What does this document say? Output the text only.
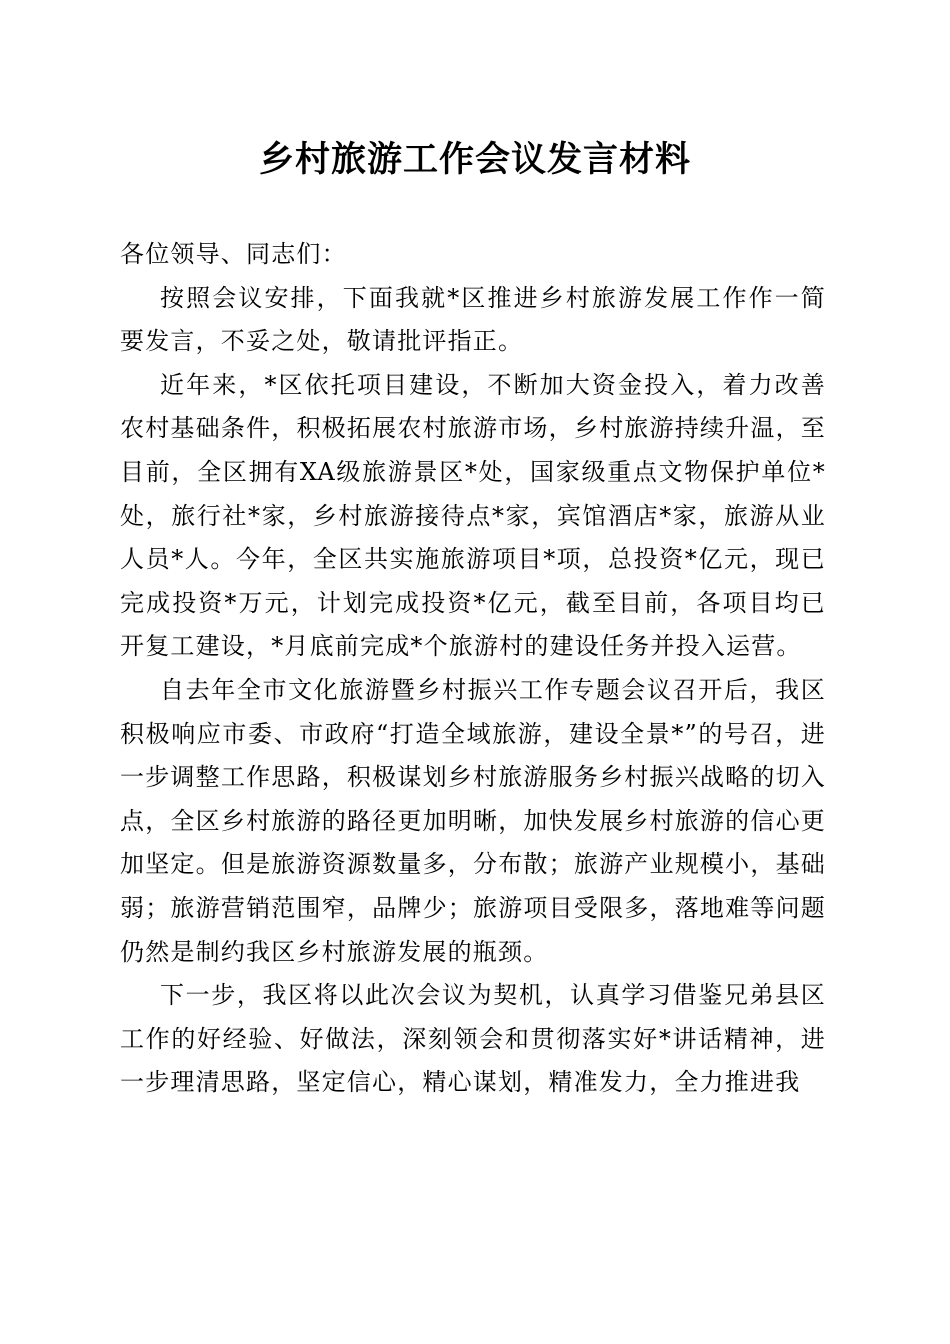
乡村旅游工作会议发言材料

各位领导、同志们：

按照会议安排，下面我就*区推进乡村旅游发展工作作一简要发言，不妥之处，敬请批评指正。

近年来，*区依托项目建设，不断加大资金投入，着力改善农村基础条件，积极拓展农村旅游市场，乡村旅游持续升温，至目前，全区拥有XA级旅游景区*处，国家级重点文物保护单位*处，旅行社*家，乡村旅游接待点*家，宾馆酒店*家，旅游从业人员*人。今年，全区共实施旅游项目*项，总投资*亿元，现已完成投资*万元，计划完成投资*亿元，截至目前，各项目均已开复工建设，*月底前完成*个旅游村的建设任务并投入运营。

自去年全市文化旅游暨乡村振兴工作专题会议召开后，我区积极响应市委、市政府“打造全域旅游，建设全景*”的号召，进一步调整工作思路，积极谋划乡村旅游服务乡村振兴战略的切入点，全区乡村旅游的路径更加明晰，加快发展乡村旅游的信心更加坚定。但是旅游资源数量多，分布散；旅游产业规模小，基础弱；旅游营销范围窄，品牌少；旅游项目受限多，落地难等问题仍然是制约我区乡村旅游发展的瓶颈。

下一步，我区将以此次会议为契机，认真学习借鉴兄弟县区工作的好经验、好做法，深刻领会和贯彻落实好*讲话精神，进一步理清思路，坚定信心，精心谋划，精准发力，全力推进我
